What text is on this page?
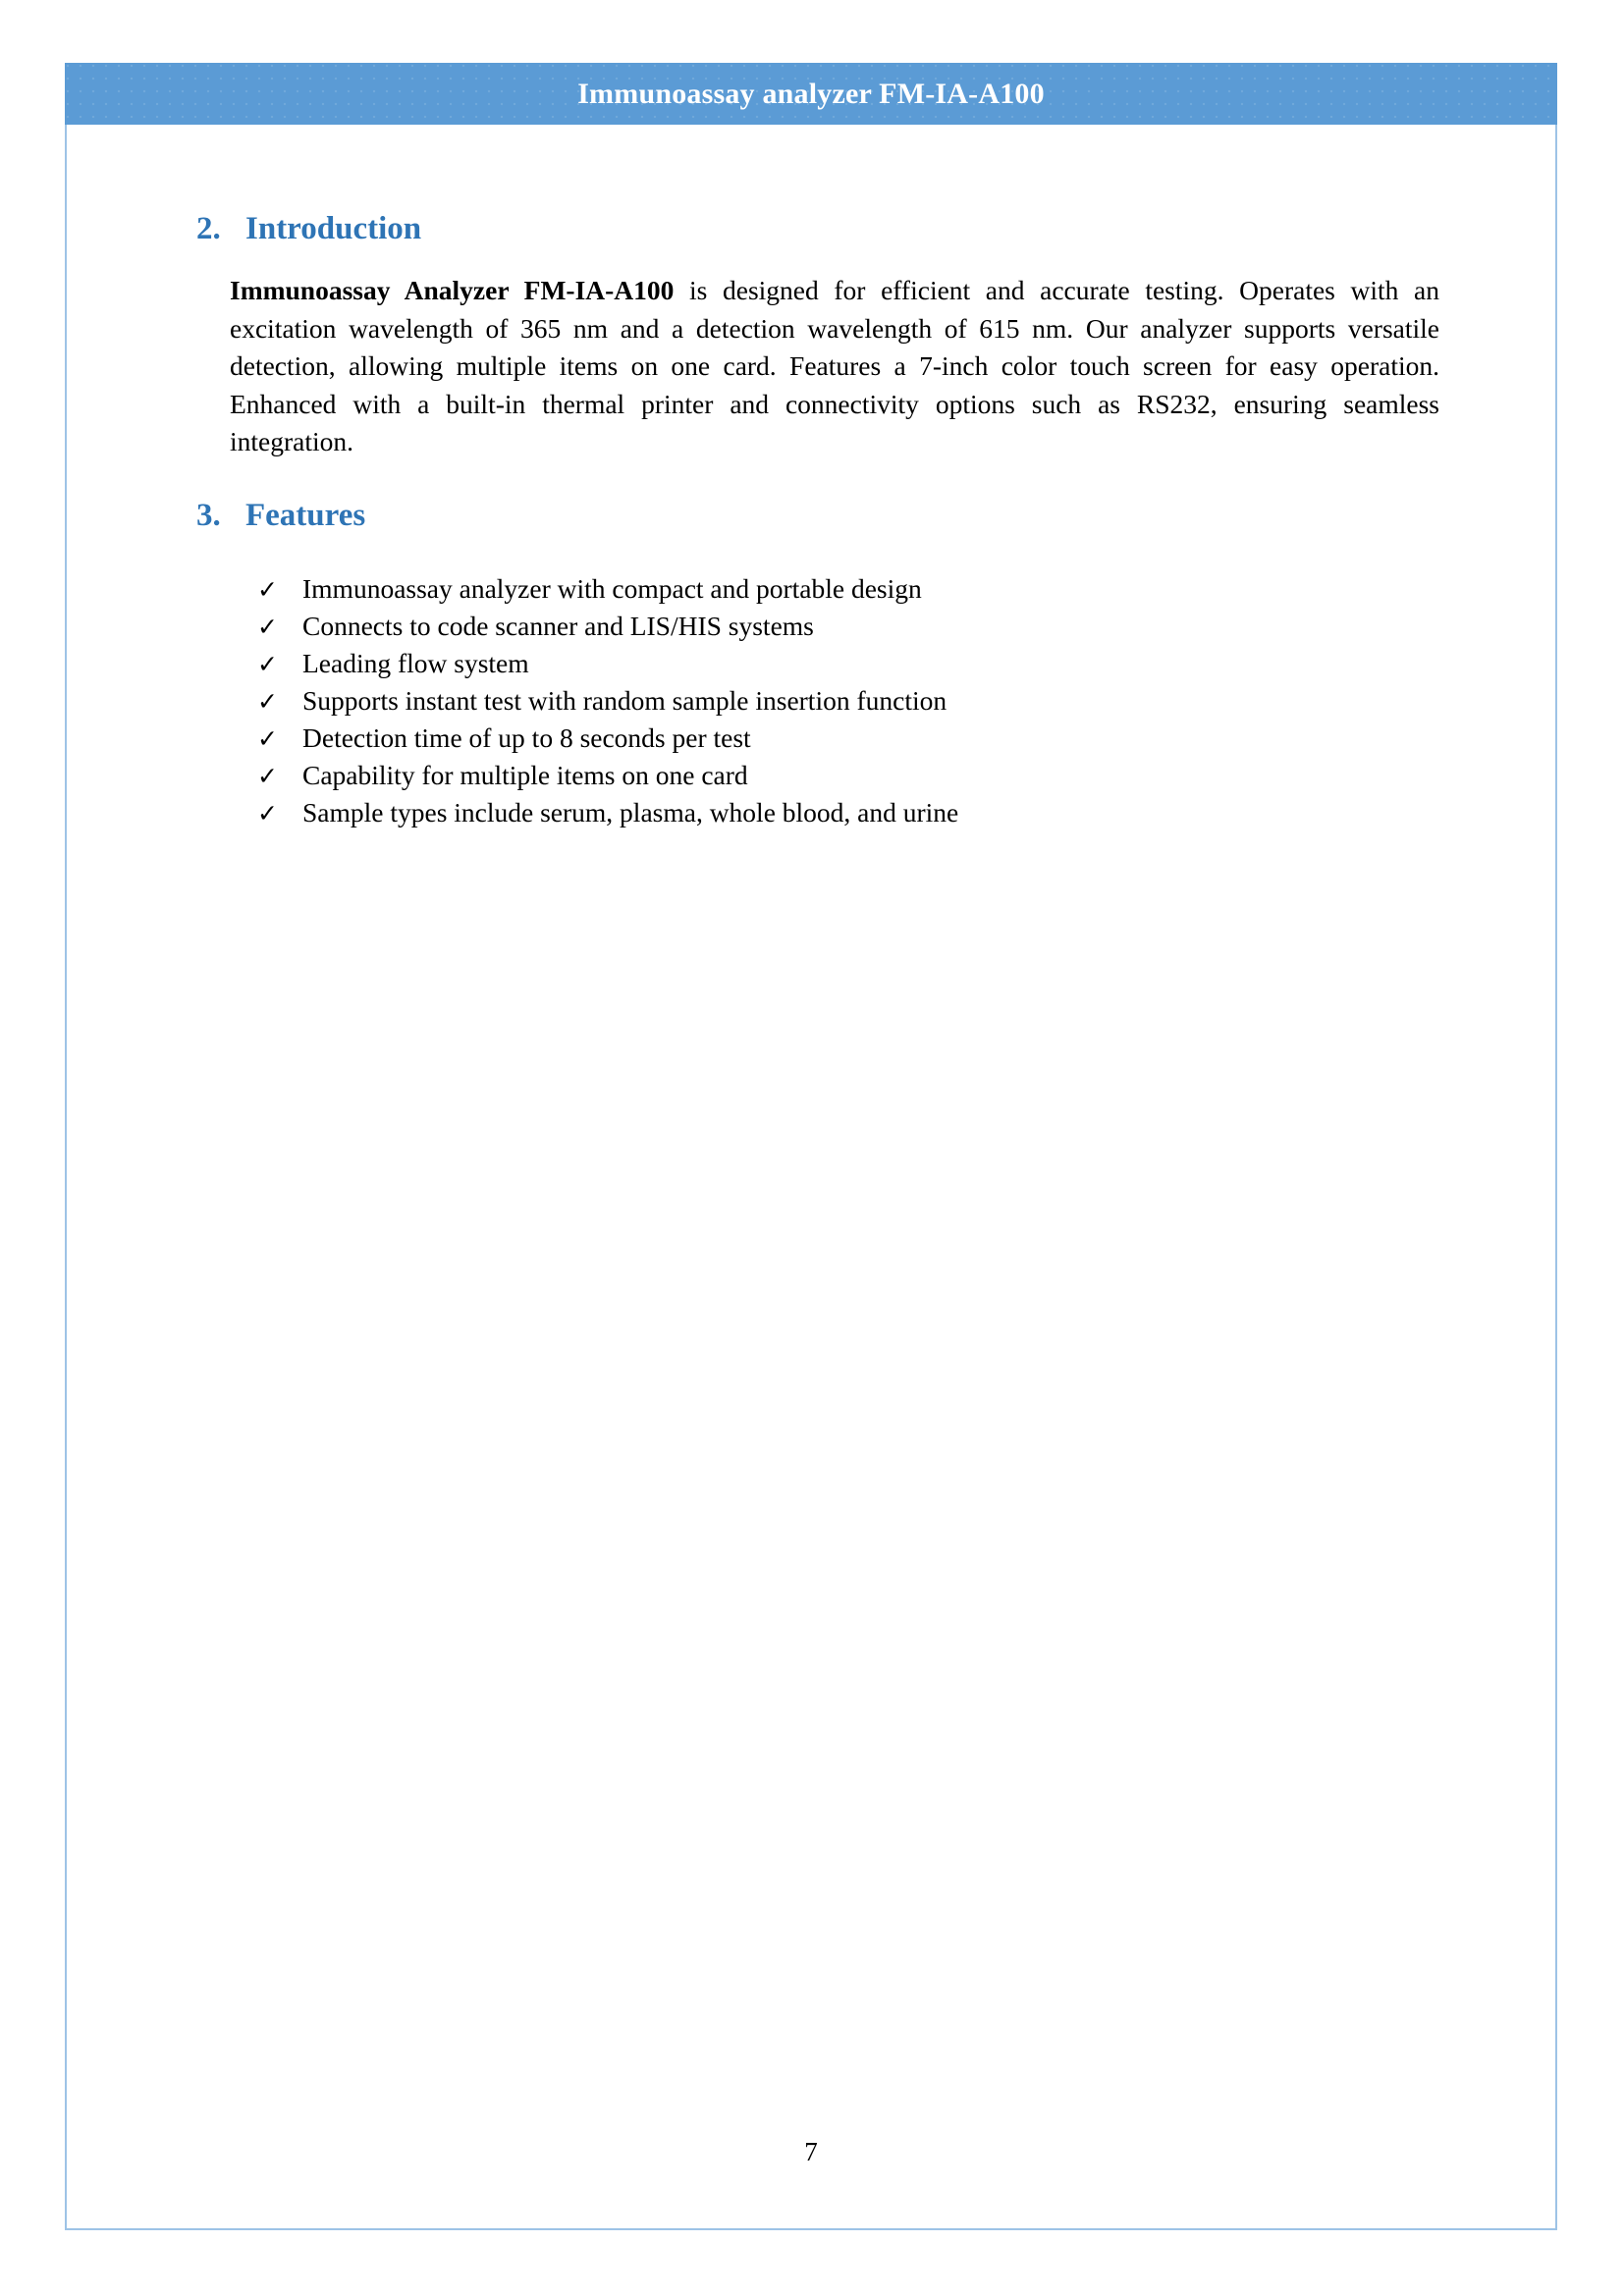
Immunoassay analyzer FM-IA-A100
2. Introduction
Immunoassay Analyzer FM-IA-A100 is designed for efficient and accurate testing. Operates with an excitation wavelength of 365 nm and a detection wavelength of 615 nm. Our analyzer supports versatile detection, allowing multiple items on one card. Features a 7-inch color touch screen for easy operation. Enhanced with a built-in thermal printer and connectivity options such as RS232, ensuring seamless integration.
3. Features
✓ Immunoassay analyzer with compact and portable design
✓ Connects to code scanner and LIS/HIS systems
✓ Leading flow system
✓ Supports instant test with random sample insertion function
✓ Detection time of up to 8 seconds per test
✓ Capability for multiple items on one card
✓ Sample types include serum, plasma, whole blood, and urine
7
